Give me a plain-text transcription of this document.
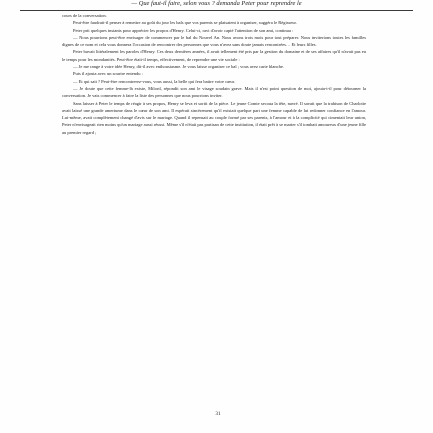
— Que faut-il faire, selon vous ? demanda Peter pour reprendre le

cours de la conversation.

Peut-être faudrait-il penser à remettre au goût du jour les bals que vos parents se plaisaient à organiser, suggéra le Régisseur.

Peter prit quelques instants pour apprécier les propos d'Henry. Celui-ci, ravi d'avoir capté l'attention de son ami, continua :

— Nous pourrions peut-être envisager de commencer par le bal du Nouvel An. Nous avons trois mois pour tout préparer. Nous inviterions toutes les familles dignes de ce nom et cela vous donnera l'occasion de rencontrer des personnes que vous n'avez sans doute jamais rencontrées… Et leurs filles.

Peter buvait littéralement les paroles d'Henry. Ces deux dernières années, il avait tellement été pris par la gestion du domaine et de ses affaires qu'il n'avait pas eu le temps pour les mondanités. Peut-être était-il temps, effectivement, de reprendre une vie sociale :

— Je me range à votre idée Henry, dit-il avec enthousiasme. Je vous laisse organiser ce bal ; vous avez carte blanche.

Puis il ajouta avec un sourire entendu :

— Et qui sait ? Peut-être rencontrerez-vous, vous aussi, la belle qui fera battre votre cœur.

— Je doute que cette femme-là existe, Milord, répondit son ami le visage soudain grave. Mais il n'est point question de moi, ajouta-t-il pour détourner la conversation. Je vais commencer à faire la liste des personnes que nous pourrions inviter.

Sans laisser à Peter le temps de réagir à ses propos, Henry se leva et sortit de la pièce. Le jeune Comte secoua la tête, navré. Il savait que la trahison de Charlotte avait laissé une grande amertume dans le cœur de son ami. Il espérait sincèrement qu'il existait quelque part une femme capable de lui redonner confiance en l'amour. Lui-même, avait complètement changé d'avis sur le mariage. Quand il repensait au couple formé par ses parents, à l'amour et à la complicité qui cimentait leur union, Peter n'envisageait rien moins qu'un mariage aussi réussi. Même s'il n'était pas partisan de cette institution, il était prêt à se marier s'il tombait amoureux d'une jeune fille au premier regard ;

31
